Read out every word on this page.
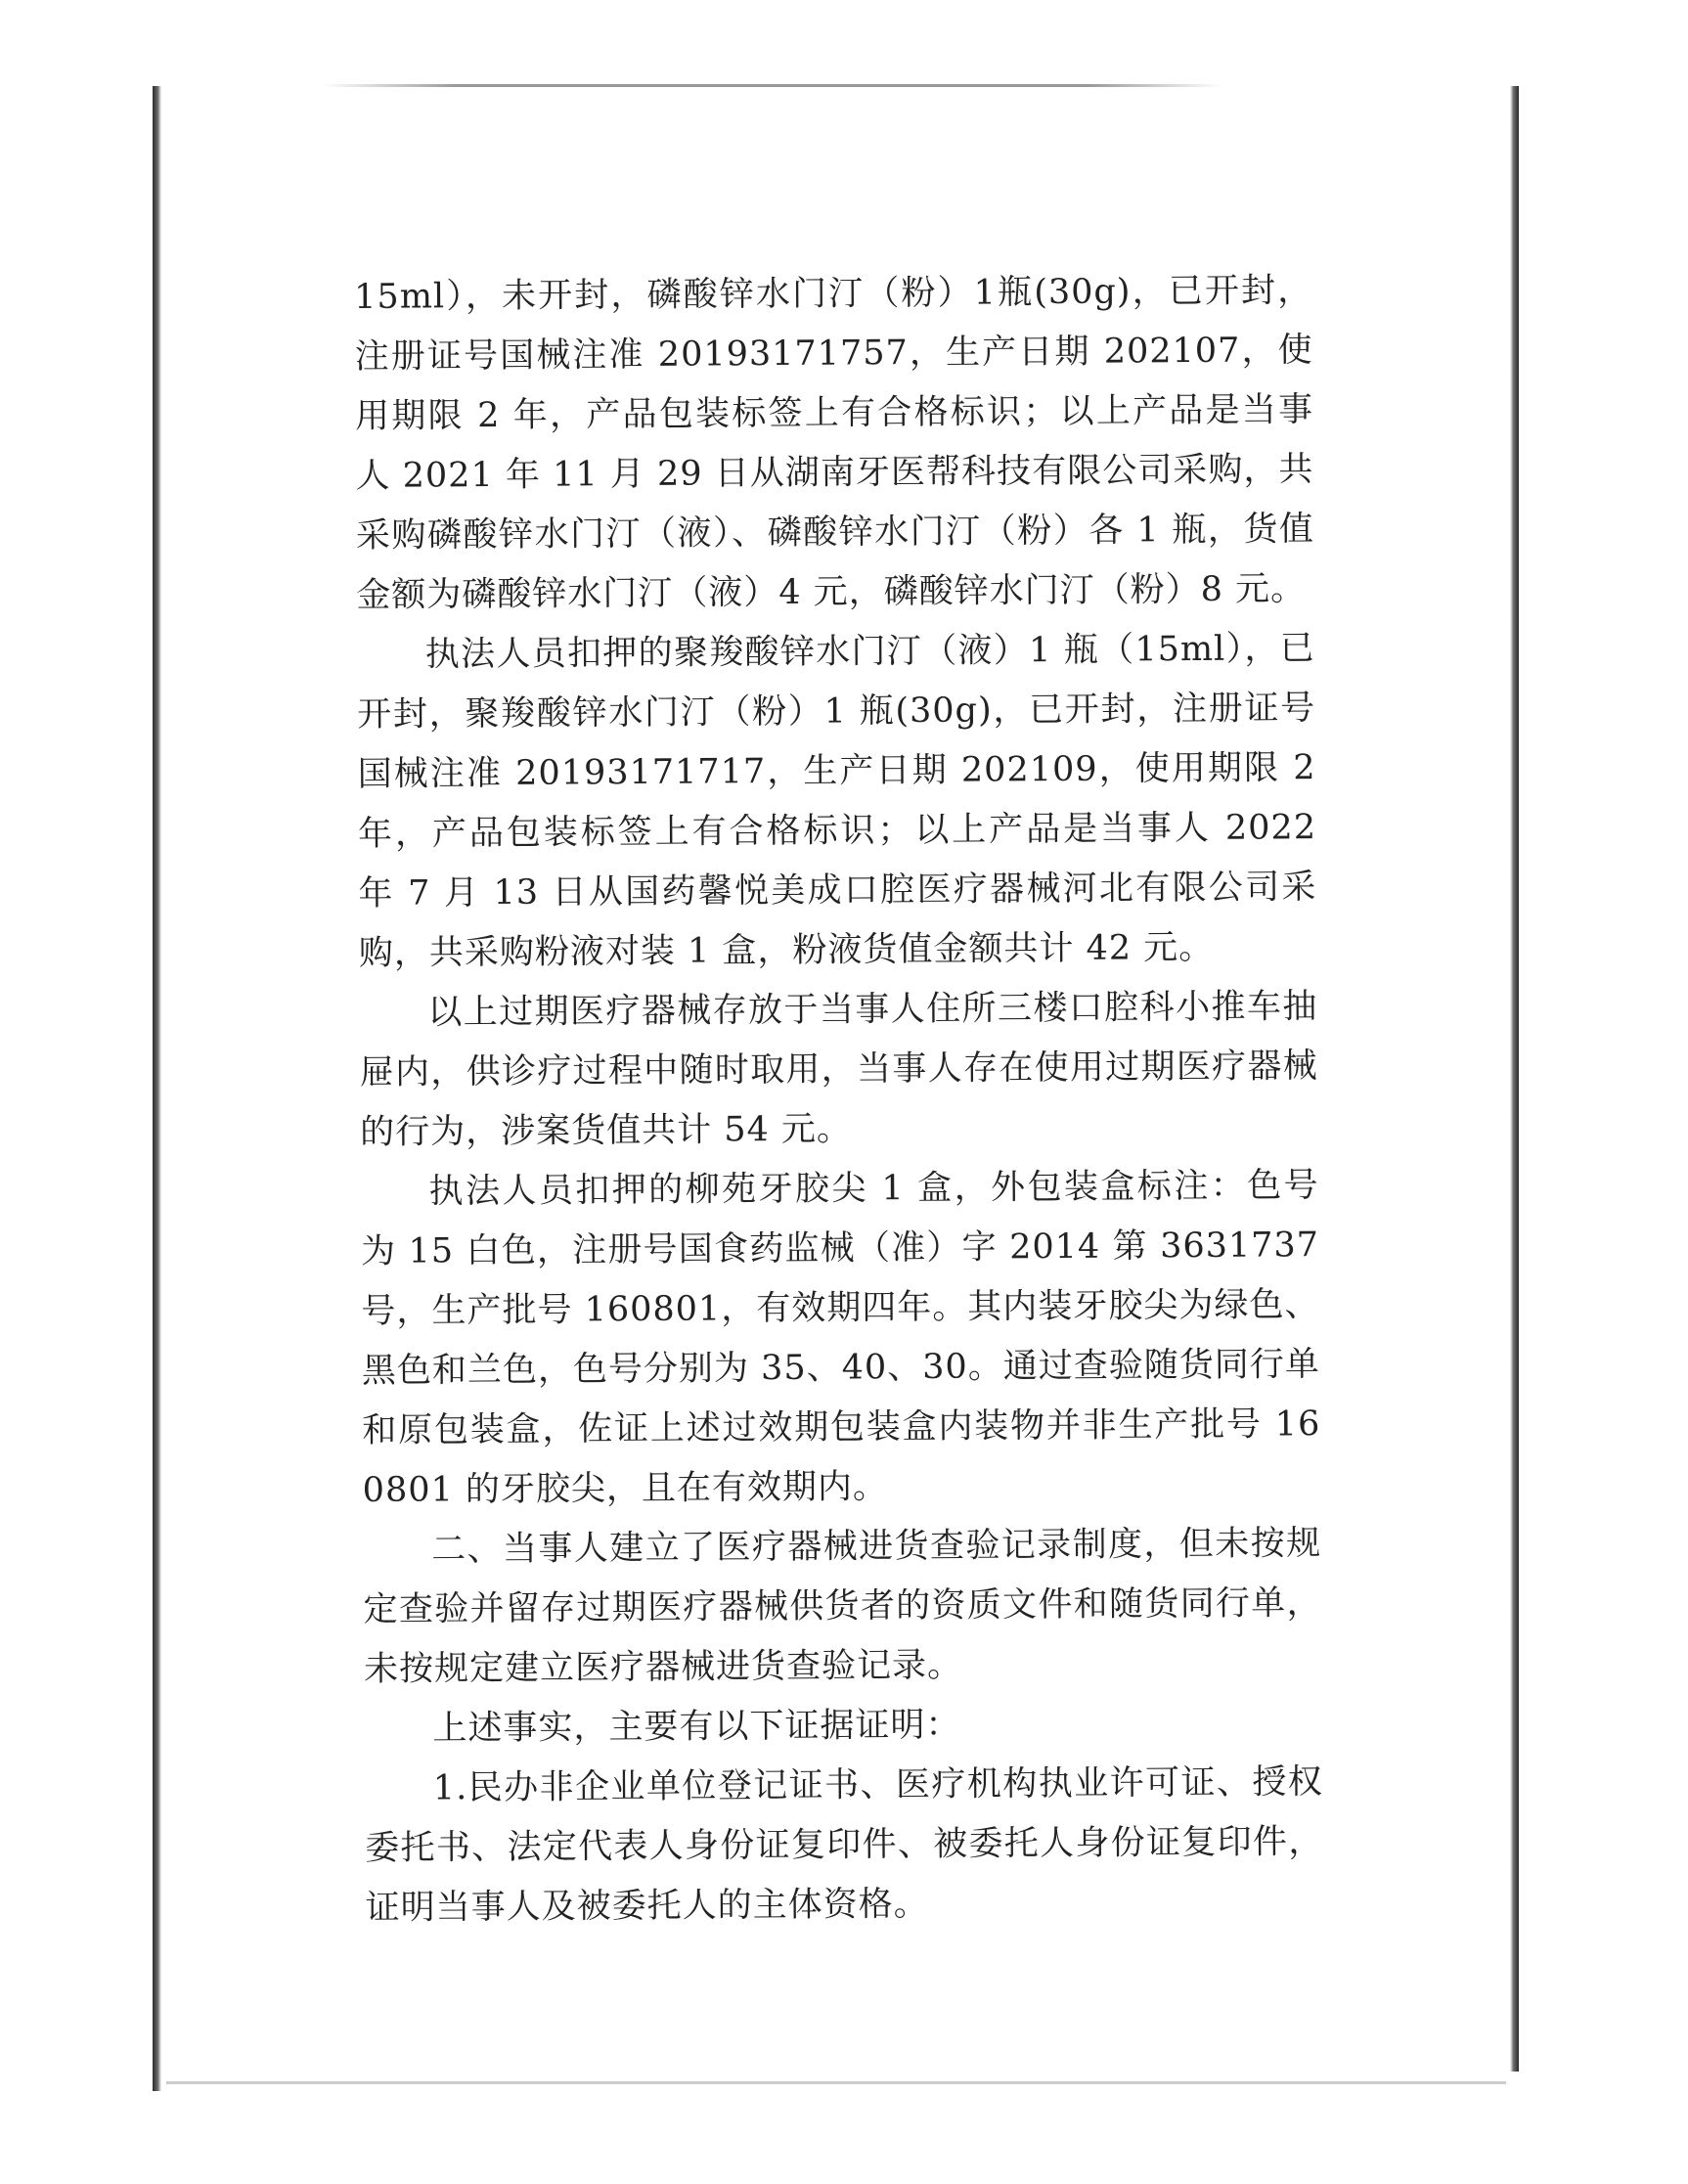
15ml），未开封，磷酸锌水门汀（粉）1瓶(30g)，已开封，注册证号国械注准 20193171757，生产日期 202107，使用期限 2 年，产品包装标签上有合格标识；以上产品是当事人 2021 年 11 月 29 日从湖南牙医帮科技有限公司采购，共采购磷酸锌水门汀（液）、磷酸锌水门汀（粉）各 1 瓶，货值金额为磷酸锌水门汀（液）4 元，磷酸锌水门汀（粉）8 元。

执法人员扣押的聚羧酸锌水门汀（液）1 瓶（15ml），已开封，聚羧酸锌水门汀（粉）1 瓶(30g)，已开封，注册证号国械注准 20193171717，生产日期 202109，使用期限 2 年，产品包装标签上有合格标识；以上产品是当事人 2022 年 7 月 13 日从国药馨悦美成口腔医疗器械河北有限公司采购，共采购粉液对装 1 盒，粉液货值金额共计 42 元。

以上过期医疗器械存放于当事人住所三楼口腔科小推车抽屉内，供诊疗过程中随时取用，当事人存在使用过期医疗器械的行为，涉案货值共计 54 元。

执法人员扣押的柳苑牙胶尖 1 盒，外包装盒标注：色号为 15 白色，注册号国食药监械（准）字 2014 第 3631737 号，生产批号 160801，有效期四年。其内装牙胶尖为绿色、黑色和兰色，色号分别为 35、40、30。通过查验随货同行单和原包装盒，佐证上述过效期包装盒内装物并非生产批号 160801 的牙胶尖，且在有效期内。

二、当事人建立了医疗器械进货查验记录制度，但未按规定查验并留存过期医疗器械供货者的资质文件和随货同行单，未按规定建立医疗器械进货查验记录。

上述事实，主要有以下证据证明：

1.民办非企业单位登记证书、医疗机构执业许可证、授权委托书、法定代表人身份证复印件、被委托人身份证复印件，证明当事人及被委托人的主体资格。
